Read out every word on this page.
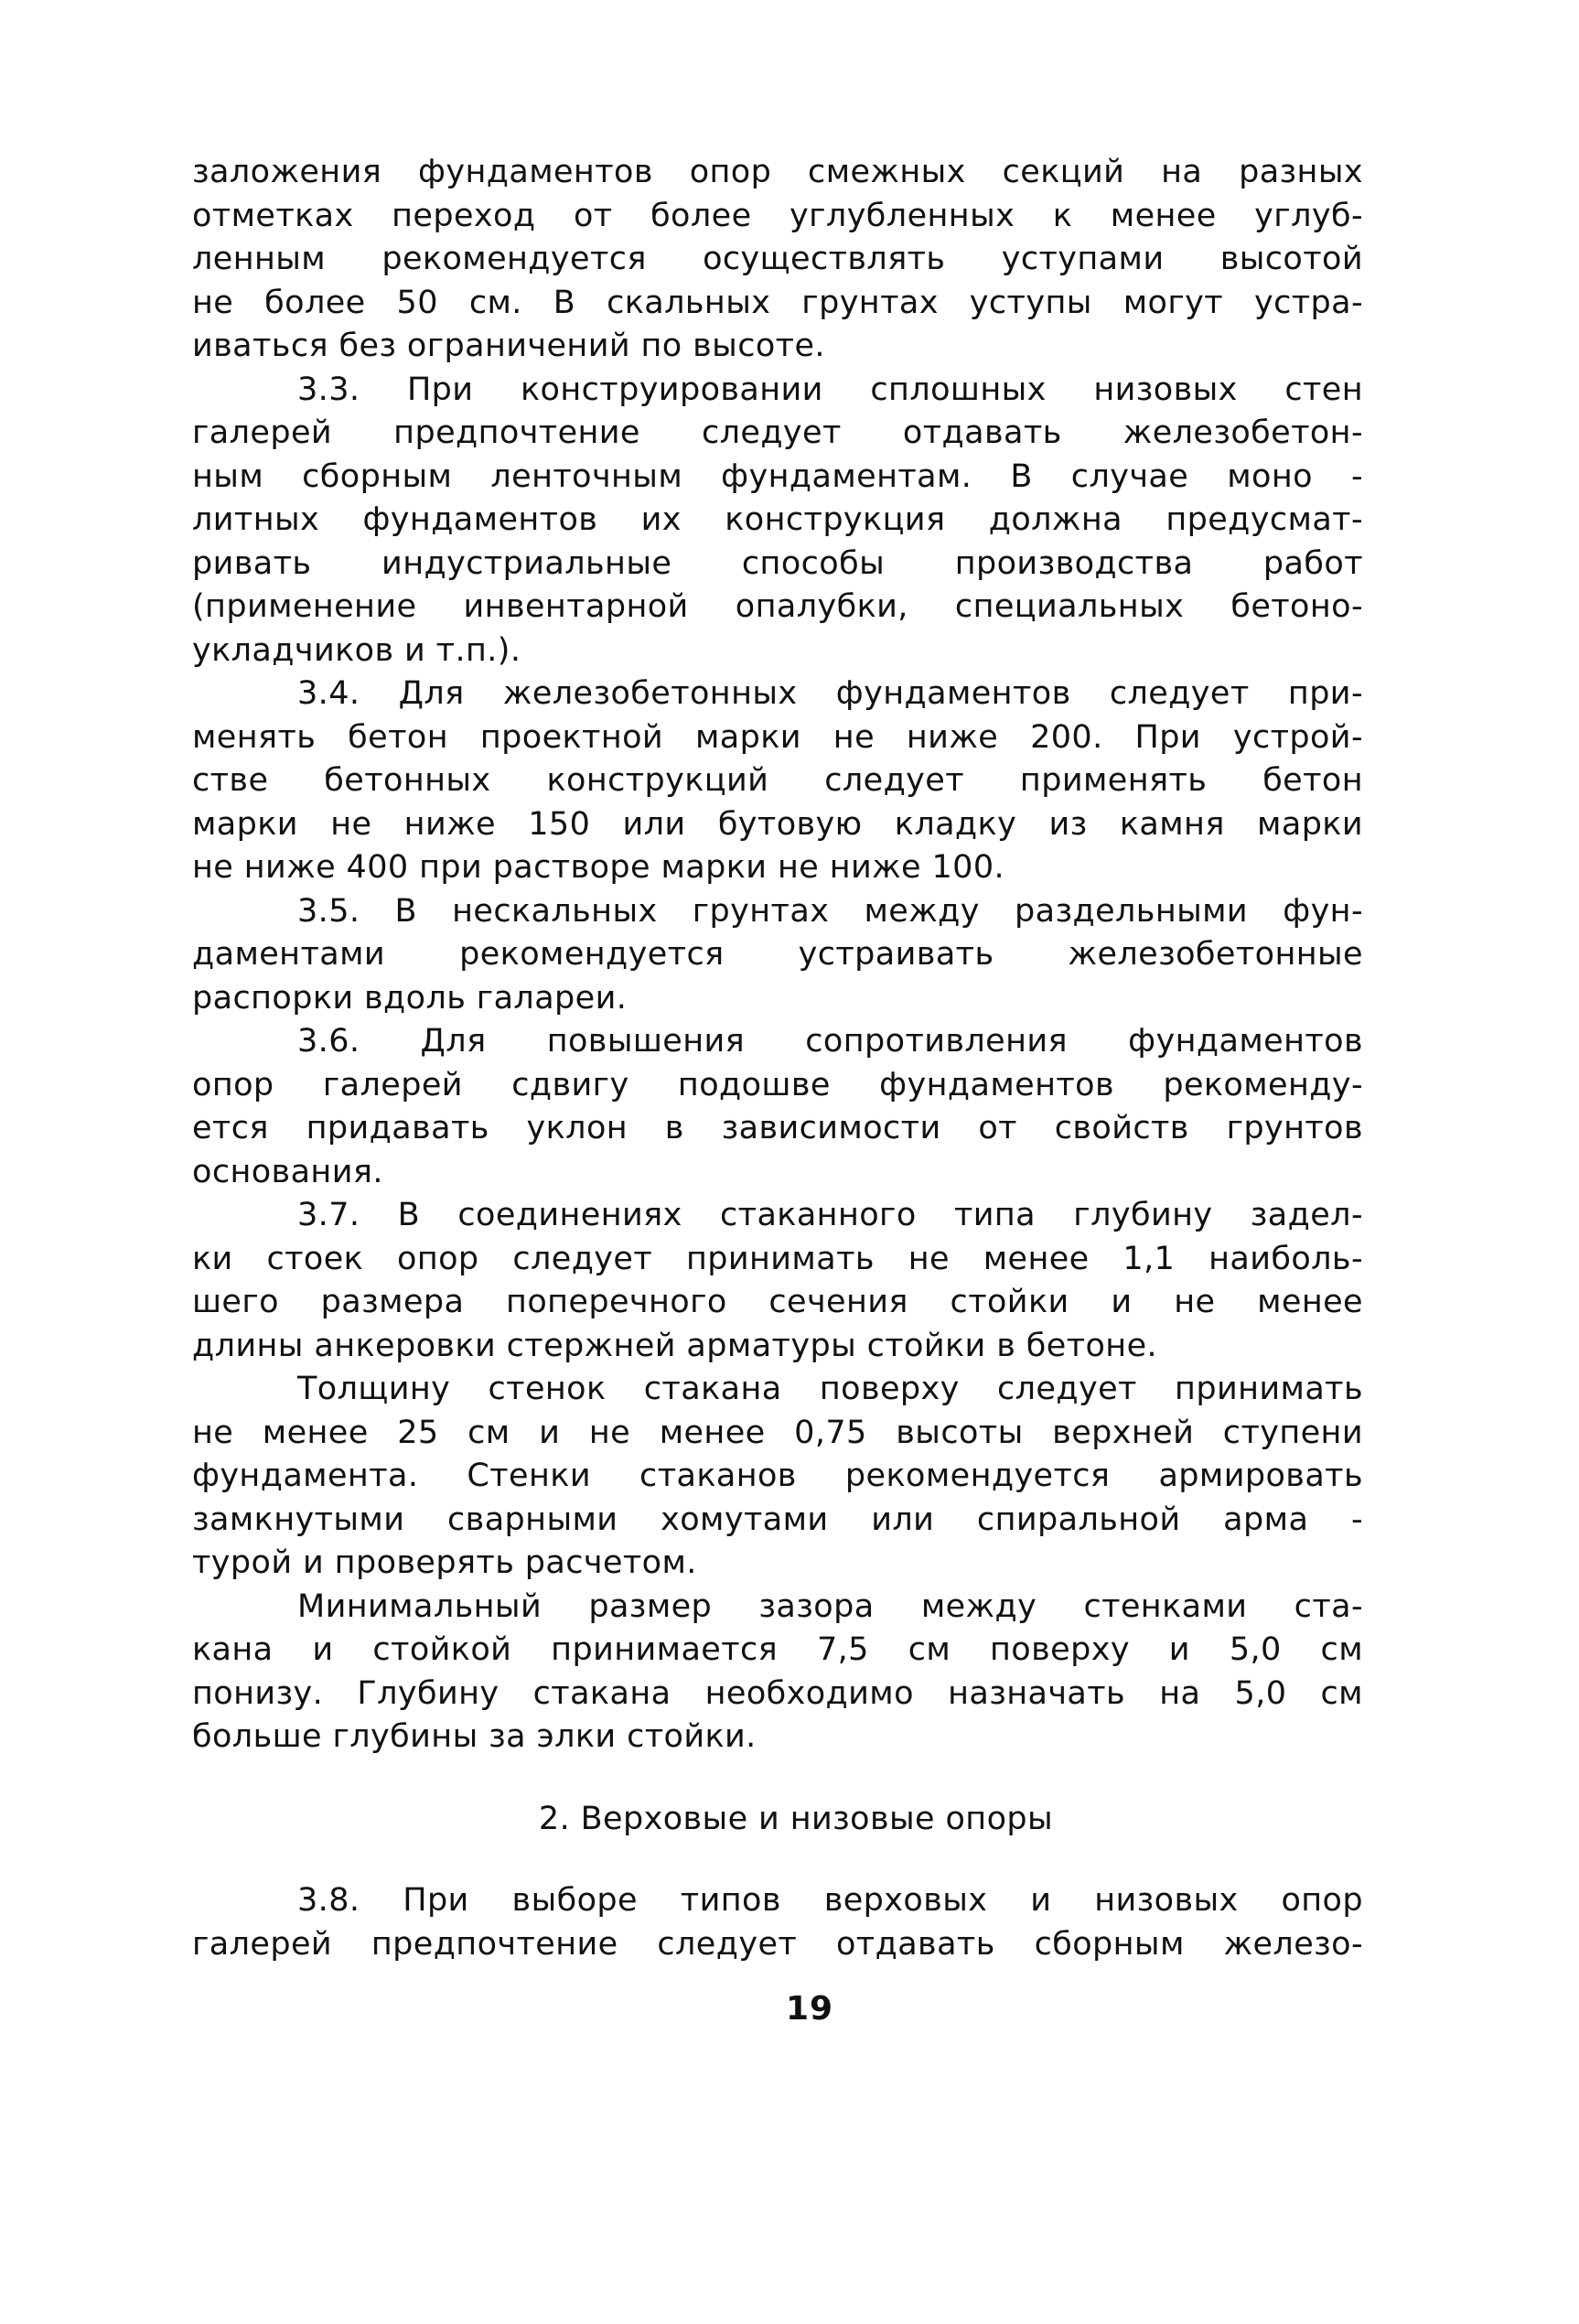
заложения фундаментов опор смежных секций на разных
отметках переход от более углубленных к менее углуб-
ленным рекомендуется осуществлять уступами высотой
не более 50 см. В скальных грунтах уступы могут устра-
иваться без ограничений по высоте.
3.3. При конструировании сплошных низовых стен
галерей предпочтение следует отдавать железобетон-
ным сборным ленточным фундаментам. В случае моно -
литных фундаментов их конструкция должна предусмат-
ривать индустриальные способы производства работ
(применение инвентарной опалубки, специальных бетоно-
укладчиков и т.п.).
3.4. Для железобетонных фундаментов следует при-
менять бетон проектной марки не ниже 200. При устрой-
стве бетонных конструкций следует применять бетон
марки не ниже 150 или бутовую кладку из камня марки
не ниже 400 при растворе марки не ниже 100.
3.5. В нескальных грунтах между раздельными фун-
даментами рекомендуется устраивать железобетонные
распорки вдоль галареи.
3.6. Для повышения сопротивления фундаментов
опор галерей сдвигу подошве фундаментов рекоменду-
ется придавать уклон в зависимости от свойств грунтов
основания.
3.7. В соединениях стаканного типа глубину задел-
ки стоек опор следует принимать не менее 1,1 наиболь-
шего размера поперечного сечения стойки и не менее
длины анкеровки стержней арматуры стойки в бетоне.
Толщину стенок стакана поверху следует принимать
не менее 25 см и не менее 0,75 высоты верхней ступени
фундамента. Стенки стаканов рекомендуется армировать
замкнутыми сварными хомутами или спиральной арма -
турой и проверять расчетом.
Минимальный размер зазора между стенками ста-
кана и стойкой принимается 7,5 см поверху и 5,0 см
понизу. Глубину стакана необходимо назначать на 5,0 см
больше глубины за элки стойки.
2. Верховые и низовые опоры
3.8. При выборе типов верховых и низовых опор
галерей предпочтение следует отдавать сборным железо-
19
